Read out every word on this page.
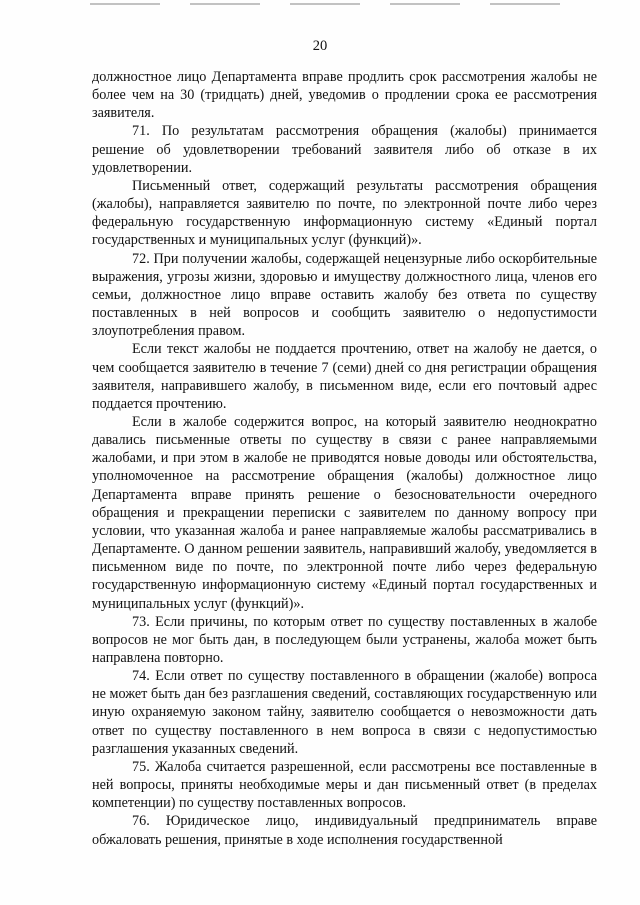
20

должностное лицо Департамента вправе продлить срок рассмотрения жалобы не более чем на 30 (тридцать) дней, уведомив о продлении срока ее рассмотрения заявителя.

71. По результатам рассмотрения обращения (жалобы) принимается решение об удовлетворении требований заявителя либо об отказе в их удовлетворении.

Письменный ответ, содержащий результаты рассмотрения обращения (жалобы), направляется заявителю по почте, по электронной почте либо через федеральную государственную информационную систему «Единый портал государственных и муниципальных услуг (функций)».

72. При получении жалобы, содержащей нецензурные либо оскорбительные выражения, угрозы жизни, здоровью и имуществу должностного лица, членов его семьи, должностное лицо вправе оставить жалобу без ответа по существу поставленных в ней вопросов и сообщить заявителю о недопустимости злоупотребления правом.

Если текст жалобы не поддается прочтению, ответ на жалобу не дается, о чем сообщается заявителю в течение 7 (семи) дней со дня регистрации обращения заявителя, направившего жалобу, в письменном виде, если его почтовый адрес поддается прочтению.

Если в жалобе содержится вопрос, на который заявителю неоднократно давались письменные ответы по существу в связи с ранее направляемыми жалобами, и при этом в жалобе не приводятся новые доводы или обстоятельства, уполномоченное на рассмотрение обращения (жалобы) должностное лицо Департамента вправе принять решение о безосновательности очередного обращения и прекращении переписки с заявителем по данному вопросу при условии, что указанная жалоба и ранее направляемые жалобы рассматривались в Департаменте. О данном решении заявитель, направивший жалобу, уведомляется в письменном виде по почте, по электронной почте либо через федеральную государственную информационную систему «Единый портал государственных и муниципальных услуг (функций)».

73. Если причины, по которым ответ по существу поставленных в жалобе вопросов не мог быть дан, в последующем были устранены, жалоба может быть направлена повторно.

74. Если ответ по существу поставленного в обращении (жалобе) вопроса не может быть дан без разглашения сведений, составляющих государственную или иную охраняемую законом тайну, заявителю сообщается о невозможности дать ответ по существу поставленного в нем вопроса в связи с недопустимостью разглашения указанных сведений.

75. Жалоба считается разрешенной, если рассмотрены все поставленные в ней вопросы, приняты необходимые меры и дан письменный ответ (в пределах компетенции) по существу поставленных вопросов.

76. Юридическое лицо, индивидуальный предприниматель вправе обжаловать решения, принятые в ходе исполнения государственной
